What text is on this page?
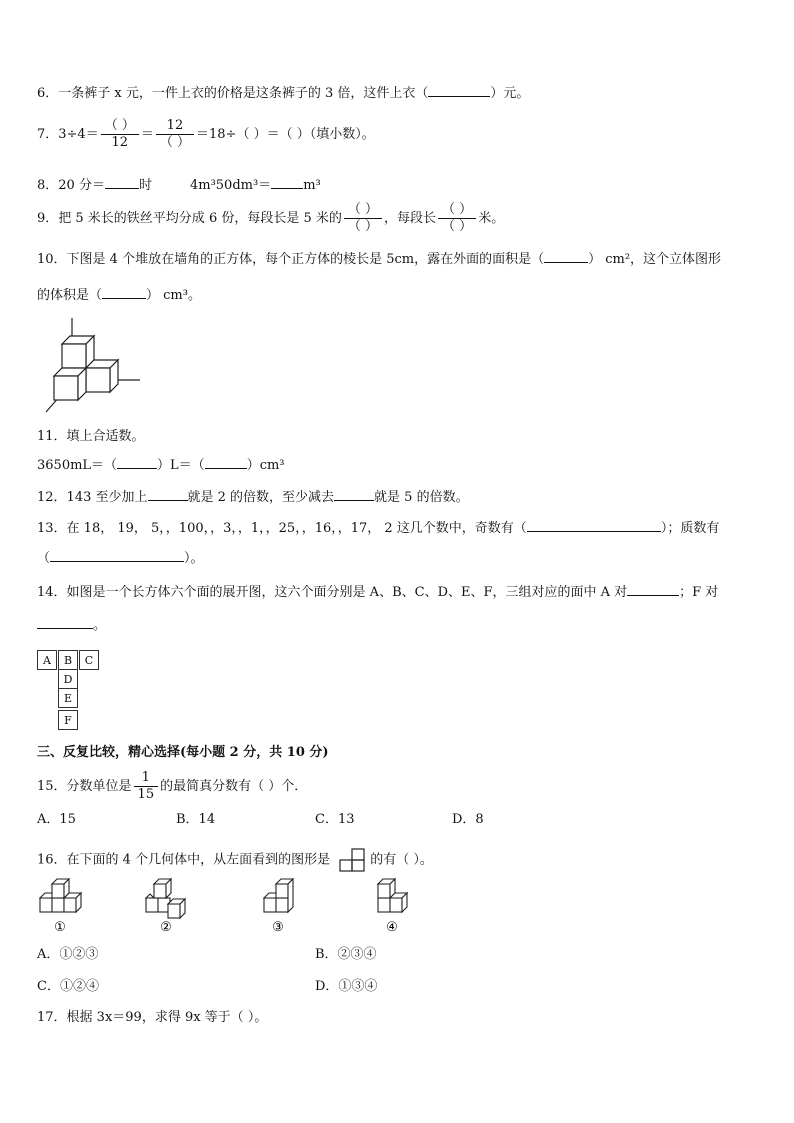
6．一条裤子 x 元，一件上衣的价格是这条裤子的 3 倍，这件上衣（	）元。
7．$3\div 4= \frac{( )}{12} = \frac{12}{( )} =18\div$（ ）＝（ ）（填小数）。
8．20 分＝	时	4m³50dm³＝ m³
9．把 5 米长的铁丝平均分成 6 份，每段长是 5 米的 $\frac{( )}{( )}$ ，每段长 $\frac{( )}{( )}$ 米。
10．下图是 4 个堆放在墙角的正方体，每个正方体的棱长是 5cm，露在外面的面积是（	） cm²，这个立体图形
的体积是（	） cm³。
11．填上合适数。
3650mL＝（	）L＝（	）cm³
12．143 至少加上	就是 2 的倍数，至少减去	就是 5 的倍数。
13．在 18， 19， 5，，100，，3，，1，，25，，16，，17， 2 这几个数中，奇数有（	）；质数有
（	）。
14．如图是一个长方体六个面的展开图，这六个面分别是 A、B、C、D、E、F，三组对应的面中 A 对	；F 对
。
A	B	C
D
E
F
三、反复比较，精心选择(每小题 2 分，共 10 分)
15．分数单位是 $\frac{1}{15}$ 的最简真分数有（ ）个．
A．15	B．14	C．13	D．8
16．在下面的 4 个几何体中，从左面看到的图形是	的有（ ）。
①	②	③	④
A．①②③	B．②③④
C．①②④	D．①③④
17．根据 3x＝99，求得 9x 等于（ ）。
